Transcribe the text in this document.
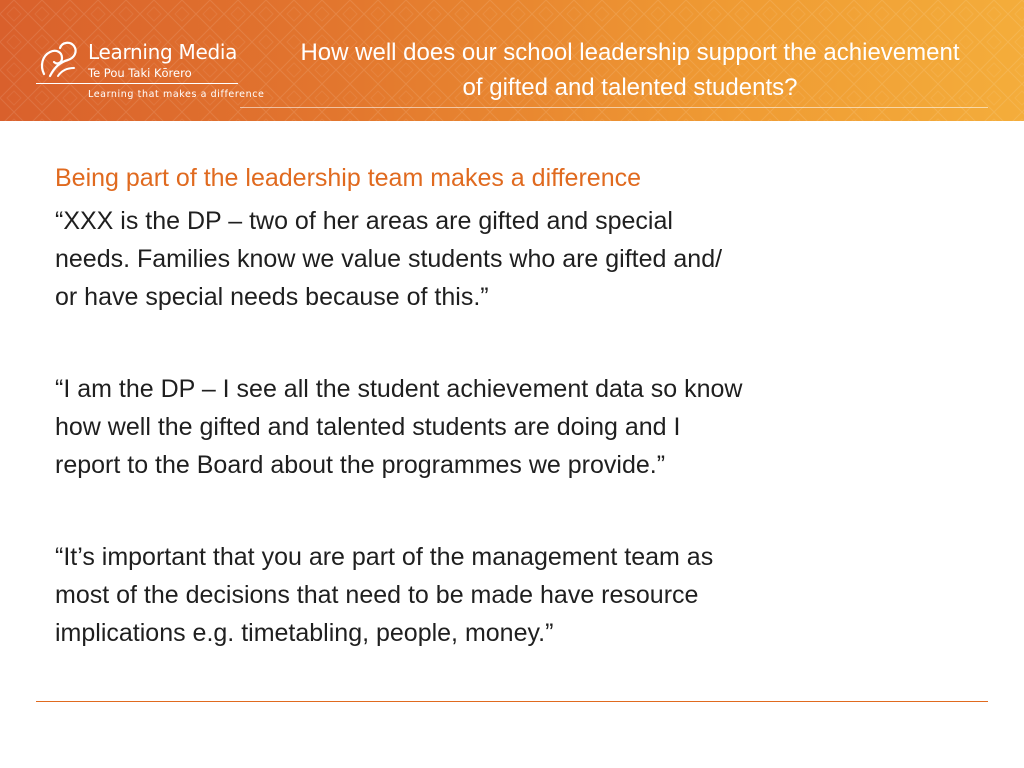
Learning Media
Te Pou Taki Kōrero
Learning that makes a difference
How well does our school leadership support the achievement of gifted and talented students?
Being part of the leadership team makes a difference

“XXX is the DP – two of her areas are gifted and special
needs. Families know we value students who are gifted and/
or have special needs because of this.”

“I am the DP – I see all the student achievement data so know
how well the gifted and talented students are doing and I
report to the Board about the programmes we provide.”

“It’s important that you are part of the management team as
most of the decisions that need to be made have resource
implications e.g. timetabling, people, money.”
